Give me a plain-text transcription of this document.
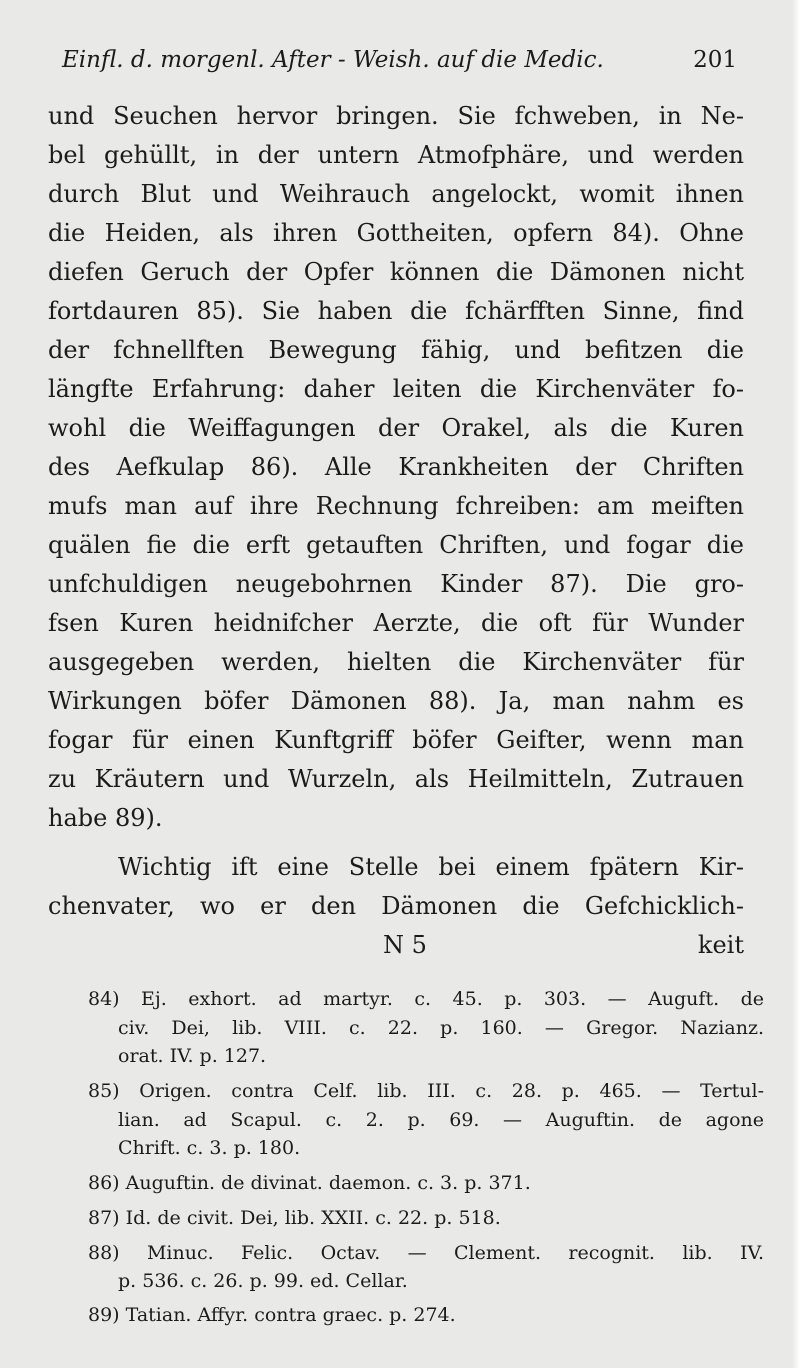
Einfl. d. morgenl. After - Weish. auf die Medic.	201
und Seuchen hervor bringen. Sie fchweben, in Ne-
bel gehüllt, in der untern Atmofphäre, und werden
durch Blut und Weihrauch angelockt, womit ihnen
die Heiden, als ihren Gottheiten, opfern 84). Ohne
diefen Geruch der Opfer können die Dämonen nicht
fortdauren 85). Sie haben die fchärfften Sinne, find
der fchnellften Bewegung fähig, und befitzen die
längfte Erfahrung: daher leiten die Kirchenväter fo-
wohl die Weiffagungen der Orakel, als die Kuren
des Aefkulap 86). Alle Krankheiten der Chriften
mufs man auf ihre Rechnung fchreiben: am meiften
quälen fie die erft getauften Chriften, und fogar die
unfchuldigen neugebohrnen Kinder 87). Die gro-
fsen Kuren heidnifcher Aerzte, die oft für Wunder
ausgegeben werden, hielten die Kirchenväter für
Wirkungen böfer Dämonen 88). Ja, man nahm es
fogar für einen Kunftgriff böfer Geifter, wenn man
zu Kräutern und Wurzeln, als Heilmitteln, Zutrauen
habe 89).
Wichtig ift eine Stelle bei einem fpätern Kir-
chenvater, wo er den Dämonen die Gefchicklich-
N 5	keit
84) Ej. exhort. ad martyr. c. 45. p. 303. — Auguft. de
civ. Dei, lib. VIII. c. 22. p. 160. — Gregor. Nazianz.
orat. IV. p. 127.
85) Origen. contra Celf. lib. III. c. 28. p. 465. — Tertul-
lian. ad Scapul. c. 2. p. 69. — Auguftin. de agone
Chrift. c. 3. p. 180.
86) Auguftin. de divinat. daemon. c. 3. p. 371.
87) Id. de civit. Dei, lib. XXII. c. 22. p. 518.
88) Minuc. Felic. Octav. — Clement. recognit. lib. IV.
p. 536. c. 26. p. 99. ed. Cellar.
89) Tatian. Affyr. contra graec. p. 274.
